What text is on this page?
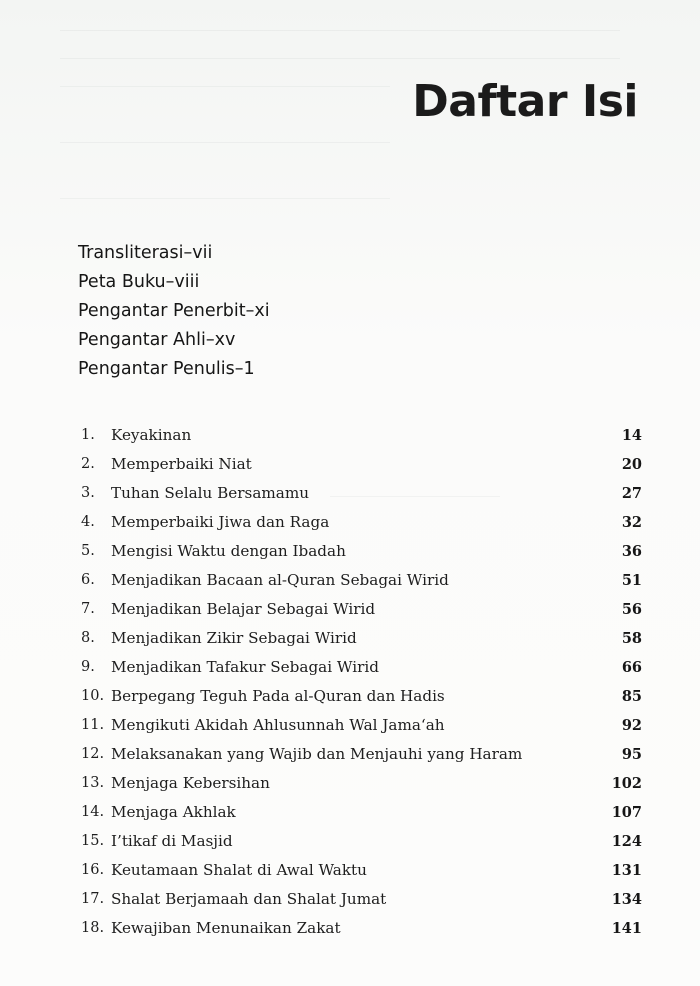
Daftar Isi
Transliterasi–vii
Peta Buku–viii
Pengantar Penerbit–xi
Pengantar Ahli–xv
Pengantar Penulis–1
1. Keyakinan	14
2. Memperbaiki Niat	20
3. Tuhan Selalu Bersamamu	27
4. Memperbaiki Jiwa dan Raga	32
5. Mengisi Waktu dengan Ibadah	36
6. Menjadikan Bacaan al-Quran Sebagai Wirid	51
7. Menjadikan Belajar Sebagai Wirid	56
8. Menjadikan Zikir Sebagai Wirid	58
9. Menjadikan Tafakur Sebagai Wirid	66
10. Berpegang Teguh Pada al-Quran dan Hadis	85
11. Mengikuti Akidah Ahlusunnah Wal Jama‘ah	92
12. Melaksanakan yang Wajib dan Menjauhi yang Haram	95
13. Menjaga Kebersihan	102
14. Menjaga Akhlak	107
15. I’tikaf di Masjid	124
16. Keutamaan Shalat di Awal Waktu	131
17. Shalat Berjamaah dan Shalat Jumat	134
18. Kewajiban Menunaikan Zakat	141
